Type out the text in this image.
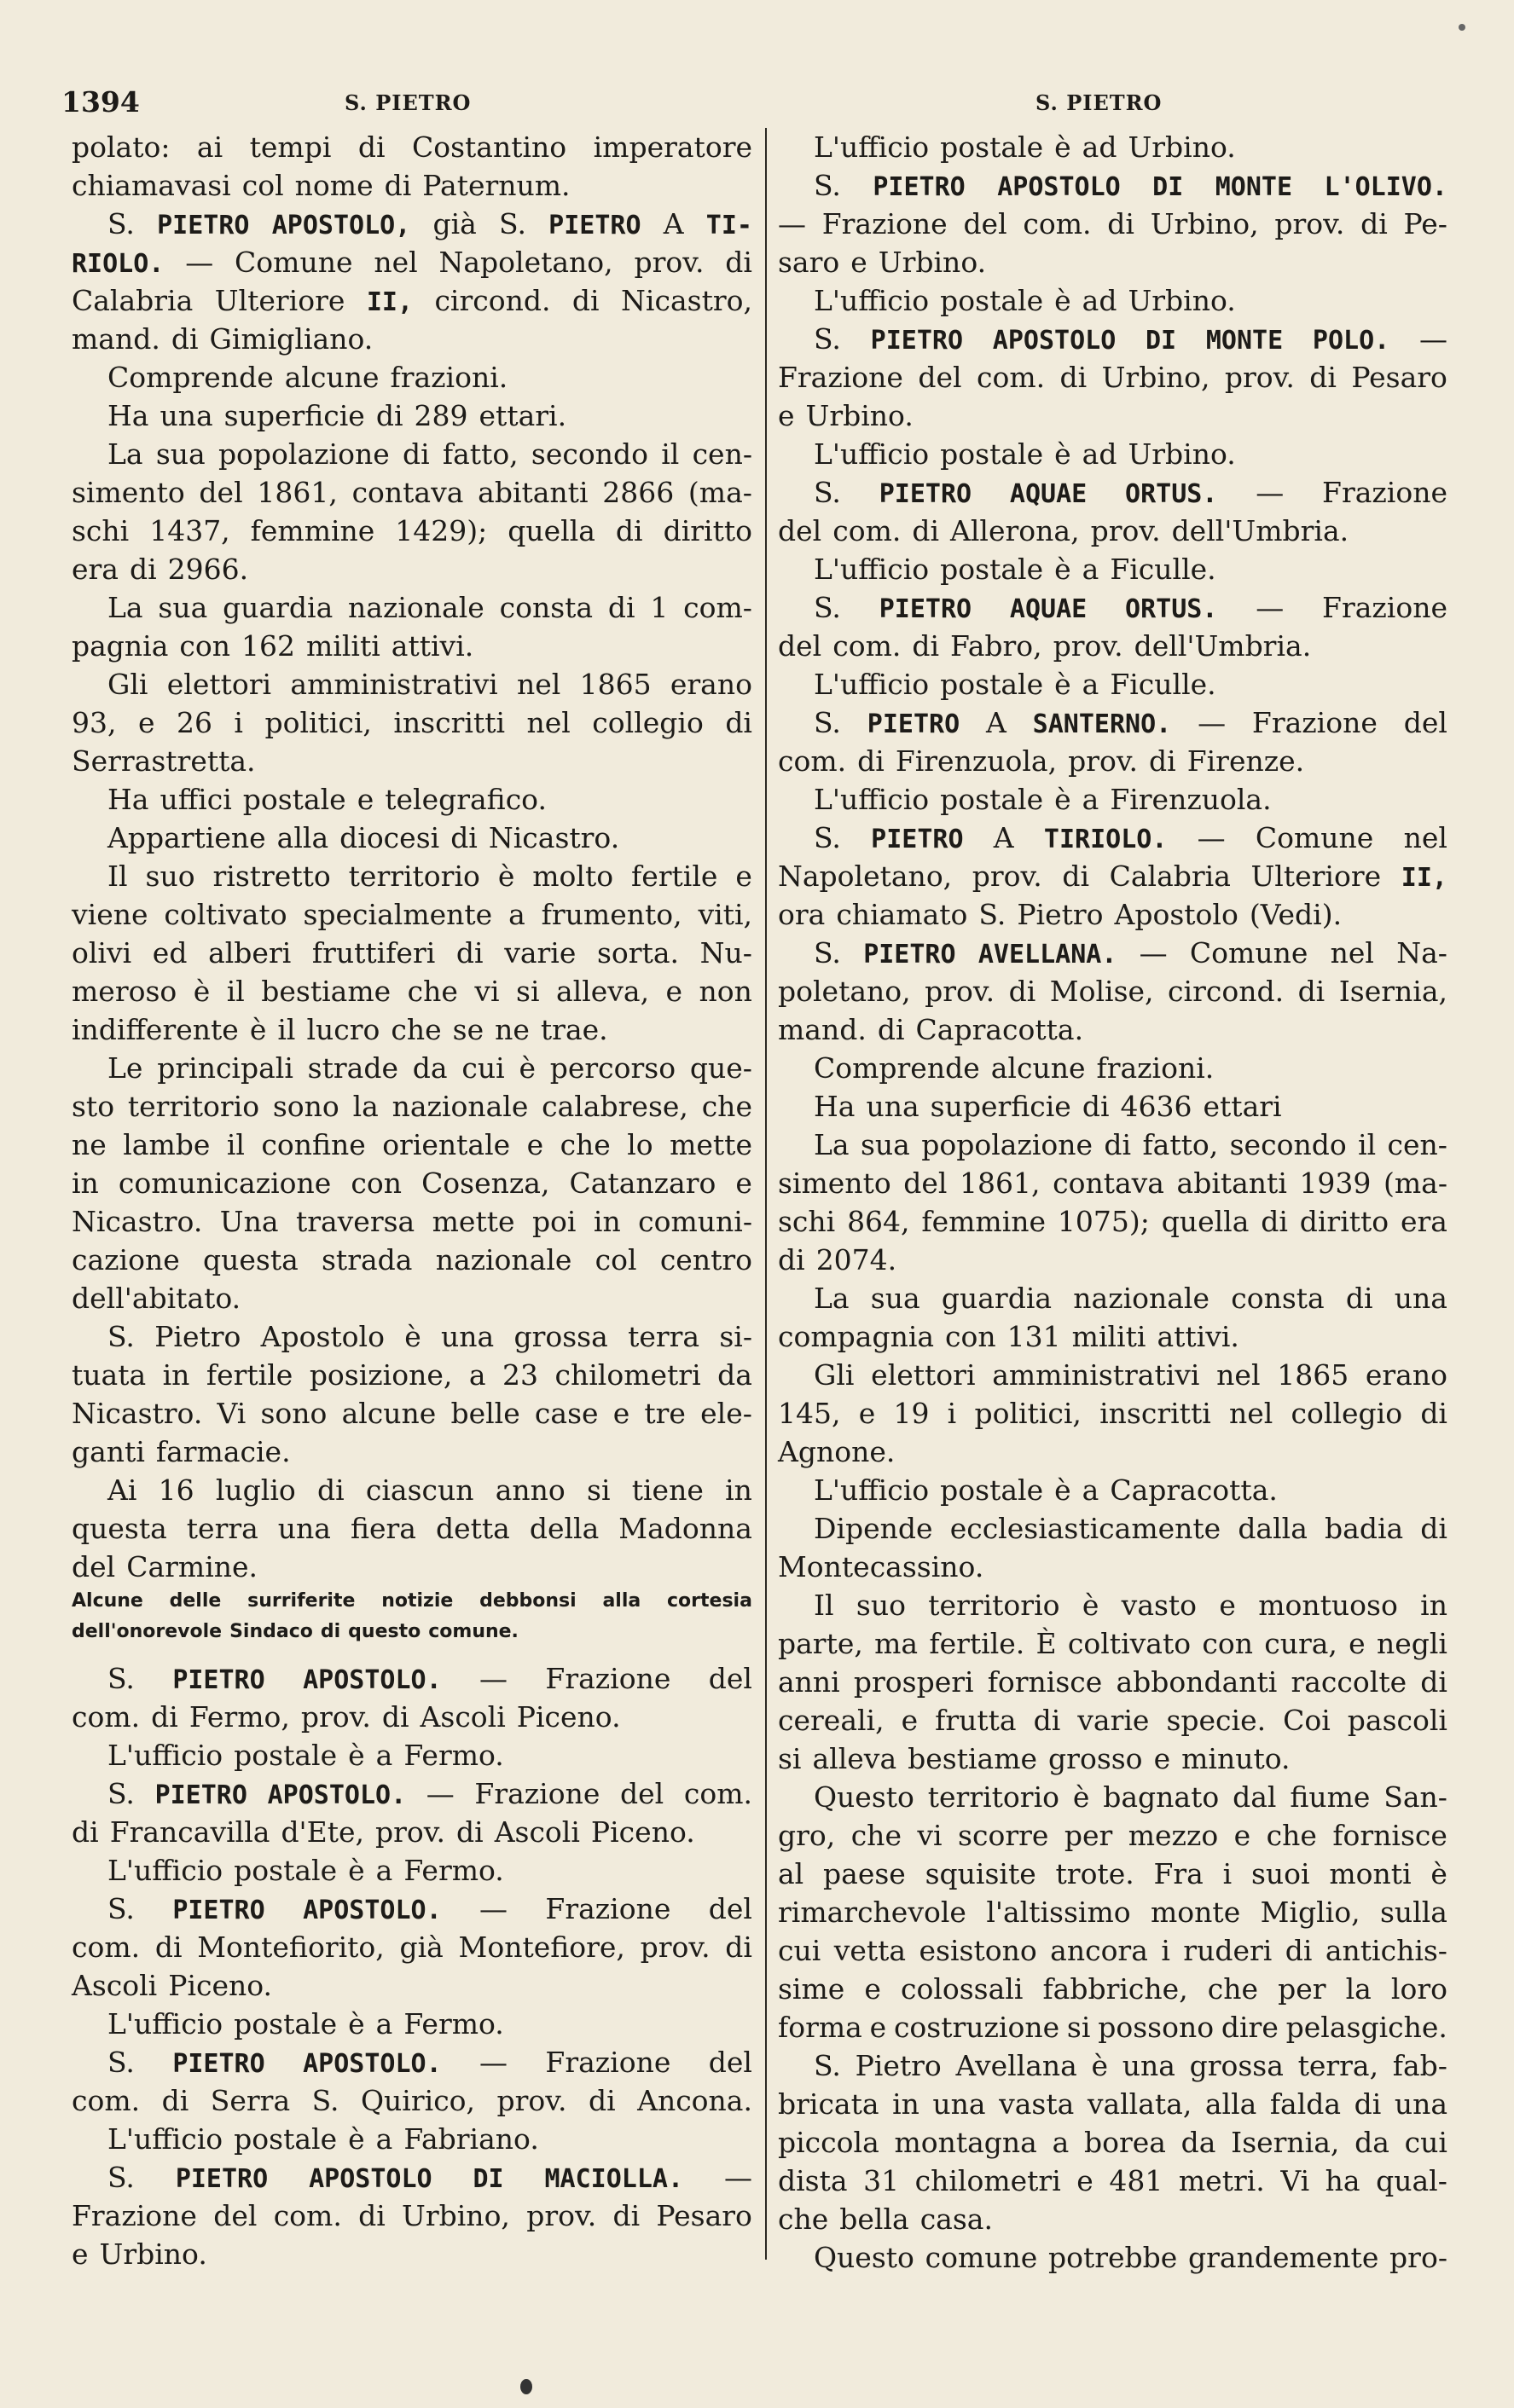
1394	S. PIETRO	S. PIETRO
polato: ai tempi di Costantino imperatore
chiamavasi col nome di Paternum.
S. PIETRO APOSTOLO, già S. PIETRO A TI-
RIOLO. — Comune nel Napoletano, prov. di
Calabria Ulteriore II, circond. di Nicastro,
mand. di Gimigliano.
Comprende alcune frazioni.
Ha una superficie di 289 ettari.
La sua popolazione di fatto, secondo il cen-
simento del 1861, contava abitanti 2866 (ma-
schi 1437, femmine 1429); quella di diritto
era di 2966.
La sua guardia nazionale consta di 1 com-
pagnia con 162 militi attivi.
Gli elettori amministrativi nel 1865 erano
93, e 26 i politici, inscritti nel collegio di
Serrastretta.
Ha uffici postale e telegrafico.
Appartiene alla diocesi di Nicastro.
Il suo ristretto territorio è molto fertile e
viene coltivato specialmente a frumento, viti,
olivi ed alberi fruttiferi di varie sorta. Nu-
meroso è il bestiame che vi si alleva, e non
indifferente è il lucro che se ne trae.
Le principali strade da cui è percorso que-
sto territorio sono la nazionale calabrese, che
ne lambe il confine orientale e che lo mette
in comunicazione con Cosenza, Catanzaro e
Nicastro. Una traversa mette poi in comuni-
cazione questa strada nazionale col centro
dell'abitato.
S. Pietro Apostolo è una grossa terra si-
tuata in fertile posizione, a 23 chilometri da
Nicastro. Vi sono alcune belle case e tre ele-
ganti farmacie.
Ai 16 luglio di ciascun anno si tiene in
questa terra una fiera detta della Madonna
del Carmine.
Alcune delle surriferite notizie debbonsi alla cortesia
dell'onorevole Sindaco di questo comune.
S. PIETRO APOSTOLO. — Frazione del
com. di Fermo, prov. di Ascoli Piceno.
L'ufficio postale è a Fermo.
S. PIETRO APOSTOLO. — Frazione del com.
di Francavilla d'Ete, prov. di Ascoli Piceno.
L'ufficio postale è a Fermo.
S. PIETRO APOSTOLO. — Frazione del
com. di Montefiorito, già Montefiore, prov. di
Ascoli Piceno.
L'ufficio postale è a Fermo.
S. PIETRO APOSTOLO. — Frazione del
com. di Serra S. Quirico, prov. di Ancona.
L'ufficio postale è a Fabriano.
S. PIETRO APOSTOLO DI MACIOLLA. —
Frazione del com. di Urbino, prov. di Pesaro
e Urbino.
L'ufficio postale è ad Urbino.
S. PIETRO APOSTOLO DI MONTE L'OLIVO.
— Frazione del com. di Urbino, prov. di Pe-
saro e Urbino.
L'ufficio postale è ad Urbino.
S. PIETRO APOSTOLO DI MONTE POLO. —
Frazione del com. di Urbino, prov. di Pesaro
e Urbino.
L'ufficio postale è ad Urbino.
S. PIETRO AQUAE ORTUS. — Frazione
del com. di Allerona, prov. dell'Umbria.
L'ufficio postale è a Ficulle.
S. PIETRO AQUAE ORTUS. — Frazione
del com. di Fabro, prov. dell'Umbria.
L'ufficio postale è a Ficulle.
S. PIETRO A SANTERNO. — Frazione del
com. di Firenzuola, prov. di Firenze.
L'ufficio postale è a Firenzuola.
S. PIETRO A TIRIOLO. — Comune nel
Napoletano, prov. di Calabria Ulteriore II,
ora chiamato S. Pietro Apostolo (Vedi).
S. PIETRO AVELLANA. — Comune nel Na-
poletano, prov. di Molise, circond. di Isernia,
mand. di Capracotta.
Comprende alcune frazioni.
Ha una superficie di 4636 ettari
La sua popolazione di fatto, secondo il cen-
simento del 1861, contava abitanti 1939 (ma-
schi 864, femmine 1075); quella di diritto era
di 2074.
La sua guardia nazionale consta di una
compagnia con 131 militi attivi.
Gli elettori amministrativi nel 1865 erano
145, e 19 i politici, inscritti nel collegio di
Agnone.
L'ufficio postale è a Capracotta.
Dipende ecclesiasticamente dalla badia di
Montecassino.
Il suo territorio è vasto e montuoso in
parte, ma fertile. È coltivato con cura, e negli
anni prosperi fornisce abbondanti raccolte di
cereali, e frutta di varie specie. Coi pascoli
si alleva bestiame grosso e minuto.
Questo territorio è bagnato dal fiume San-
gro, che vi scorre per mezzo e che fornisce
al paese squisite trote. Fra i suoi monti è
rimarchevole l'altissimo monte Miglio, sulla
cui vetta esistono ancora i ruderi di antichis-
sime e colossali fabbriche, che per la loro
forma e costruzione si possono dire pelasgiche.
S. Pietro Avellana è una grossa terra, fab-
bricata in una vasta vallata, alla falda di una
piccola montagna a borea da Isernia, da cui
dista 31 chilometri e 481 metri. Vi ha qual-
che bella casa.
Questo comune potrebbe grandemente pro-
